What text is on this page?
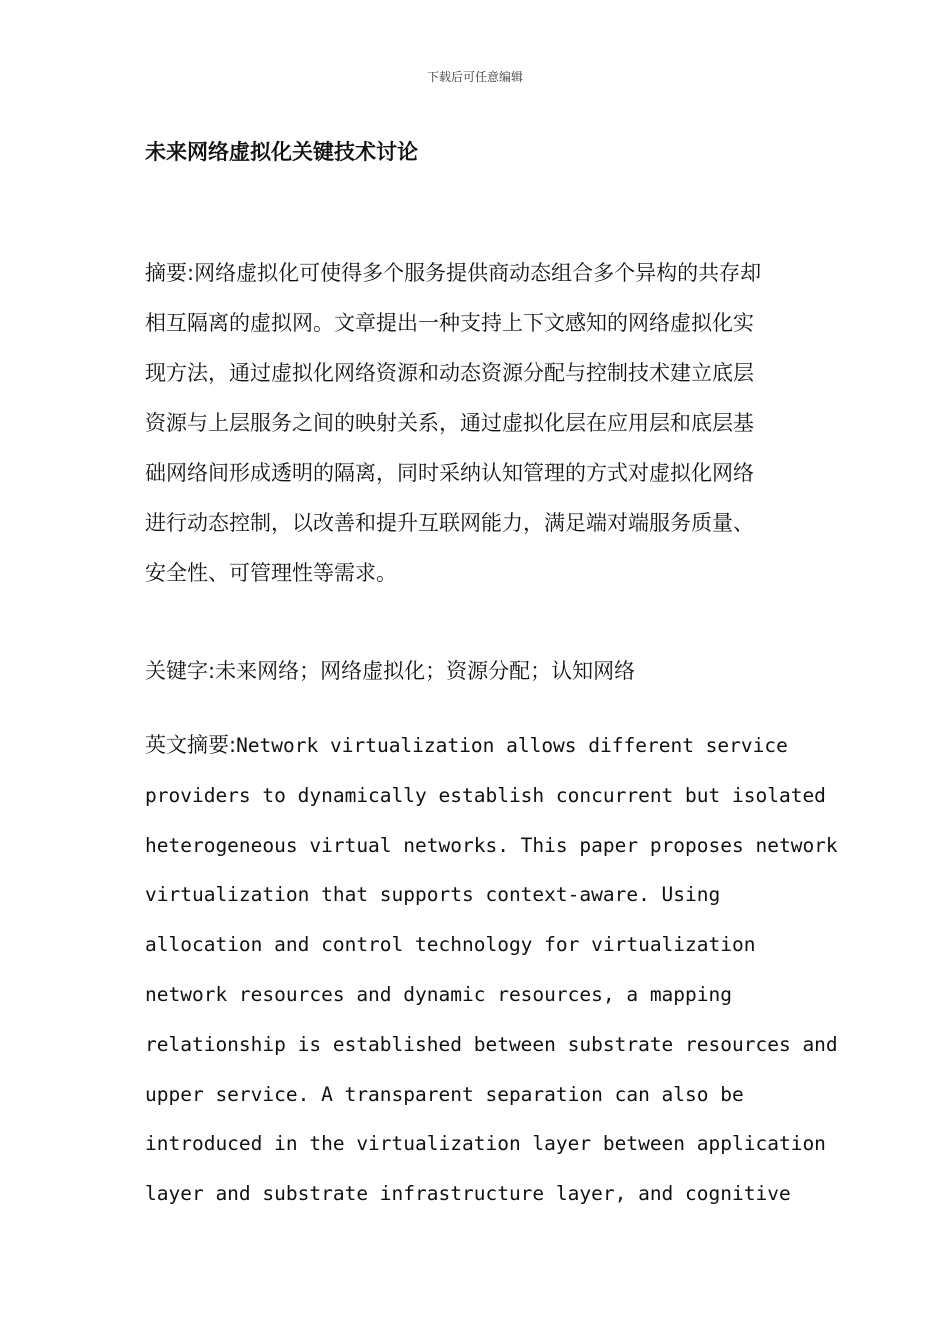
下载后可任意编辑
未来网络虚拟化关键技术讨论
摘要:网络虚拟化可使得多个服务提供商动态组合多个异构的共存却
相互隔离的虚拟网。文章提出一种支持上下文感知的网络虚拟化实
现方法，通过虚拟化网络资源和动态资源分配与控制技术建立底层
资源与上层服务之间的映射关系，通过虚拟化层在应用层和底层基
础网络间形成透明的隔离，同时采纳认知管理的方式对虚拟化网络
进行动态控制，以改善和提升互联网能力，满足端对端服务质量、
安全性、可管理性等需求。
关键字:未来网络；网络虚拟化；资源分配；认知网络
英文摘要:Network virtualization allows different service
providers to dynamically establish concurrent but isolated
heterogeneous virtual networks. This paper proposes network
virtualization that supports context-aware. Using
allocation and control technology for virtualization
network resources and dynamic resources, a mapping
relationship is established between substrate resources and
upper service. A transparent separation can also be
introduced in the virtualization layer between application
layer and substrate infrastructure layer, and cognitive
